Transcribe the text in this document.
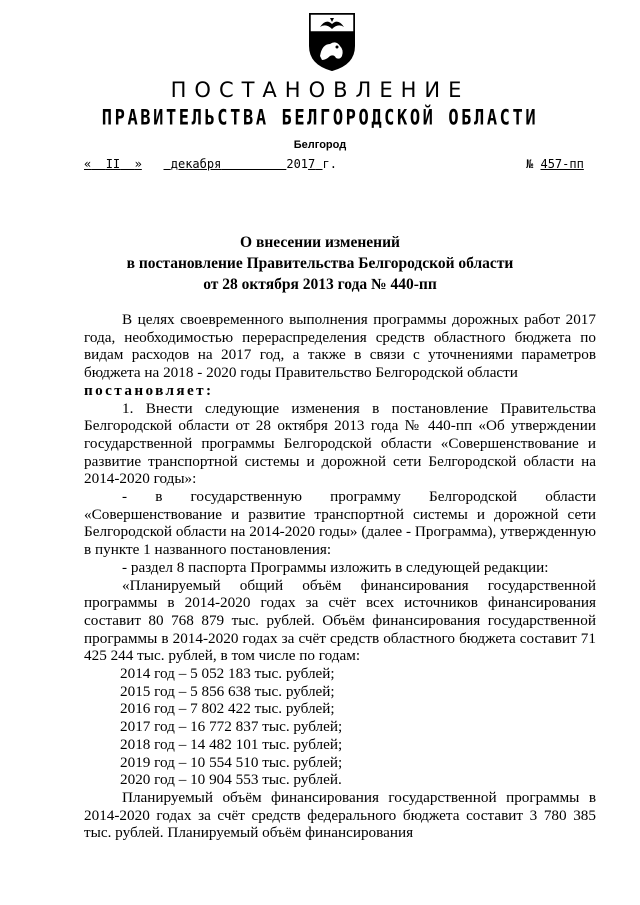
ПОСТАНОВЛЕНИЕ
ПРАВИТЕЛЬСТВА БЕЛГОРОДСКОЙ ОБЛАСТИ
Белгород
« II » декабря	2017 г.	№ 457-пп
О внесении изменений
в постановление Правительства Белгородской области
от 28 октября 2013 года № 440-пп

В целях своевременного выполнения программы дорожных работ 2017 года, необходимостью перераспределения средств областного бюджета по видам расходов на 2017 год, а также в связи с уточнениями параметров бюджета на 2018 - 2020 годы Правительство Белгородской области

постановляет:

1. Внести следующие изменения в постановление Правительства Белгородской области от 28 октября 2013 года № 440-пп «Об утверждении государственной программы Белгородской области «Совершенствование и развитие транспортной системы и дорожной сети Белгородской области на 2014-2020 годы»:

- в государственную программу Белгородской области «Совершенствование и развитие транспортной системы и дорожной сети Белгородской области на 2014-2020 годы» (далее - Программа), утвержденную в пункте 1 названного постановления:

- раздел 8 паспорта Программы изложить в следующей редакции:

«Планируемый общий объём финансирования государственной программы в 2014-2020 годах за счёт всех источников финансирования составит 80 768 879 тыс. рублей. Объём финансирования государственной программы в 2014-2020 годах за счёт средств областного бюджета составит 71 425 244 тыс. рублей, в том числе по годам:

2014 год – 5 052 183 тыс. рублей;

2015 год – 5 856 638 тыс. рублей;

2016 год – 7 802 422 тыс. рублей;

2017 год – 16 772 837 тыс. рублей;

2018 год – 14 482 101 тыс. рублей;

2019 год – 10 554 510 тыс. рублей;

2020 год – 10 904 553 тыс. рублей.

Планируемый объём финансирования государственной программы в 2014-2020 годах за счёт средств федерального бюджета составит 3 780 385 тыс. рублей. Планируемый объём финансирования
